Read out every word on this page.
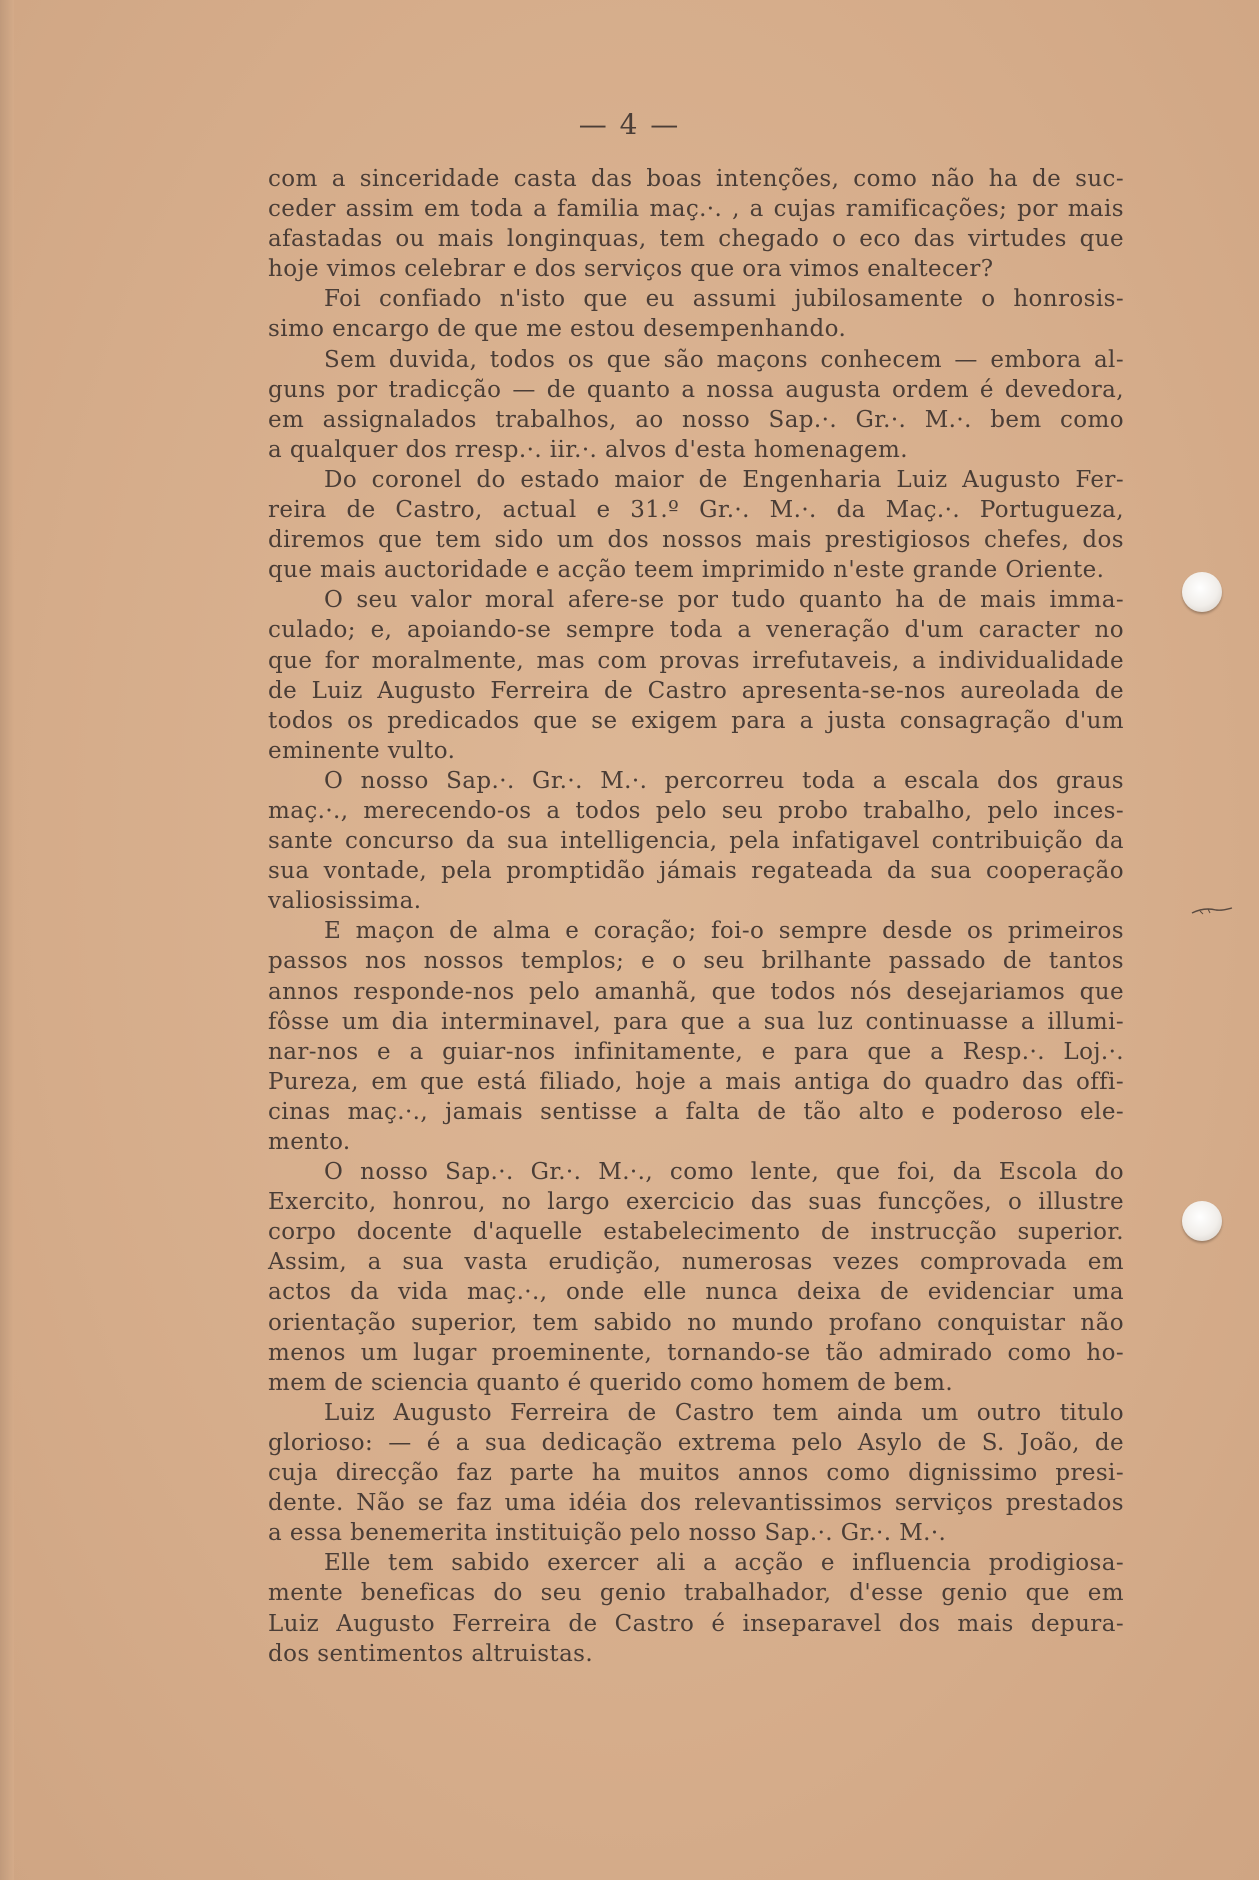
— 4 —
com a sinceridade casta das boas intenções, como não ha de suc-
ceder assim em toda a familia maç.·. , a cujas ramificações; por mais
afastadas ou mais longinquas, tem chegado o eco das virtudes que
hoje vimos celebrar e dos serviços que ora vimos enaltecer?
Foi confiado n'isto que eu assumi jubilosamente o honrosis-
simo encargo de que me estou desempenhando.
Sem duvida, todos os que são maçons conhecem — embora al-
guns por tradicção — de quanto a nossa augusta ordem é devedora,
em assignalados trabalhos, ao nosso Sap.·. Gr.·. M.·. bem como
a qualquer dos rresp.·. iir.·. alvos d'esta homenagem.
Do coronel do estado maior de Engenharia Luiz Augusto Fer-
reira de Castro, actual e 31.º Gr.·. M.·. da Maç.·. Portugueza,
diremos que tem sido um dos nossos mais prestigiosos chefes, dos
que mais auctoridade e acção teem imprimido n'este grande Oriente.
O seu valor moral afere-se por tudo quanto ha de mais imma-
culado; e, apoiando-se sempre toda a veneração d'um caracter no
que for moralmente, mas com provas irrefutaveis, a individualidade
de Luiz Augusto Ferreira de Castro apresenta-se-nos aureolada de
todos os predicados que se exigem para a justa consagração d'um
eminente vulto.
O nosso Sap.·. Gr.·. M.·. percorreu toda a escala dos graus
maç.·., merecendo-os a todos pelo seu probo trabalho, pelo inces-
sante concurso da sua intelligencia, pela infatigavel contribuição da
sua vontade, pela promptidão jámais regateada da sua cooperação
valiosissima.
E maçon de alma e coração; foi-o sempre desde os primeiros
passos nos nossos templos; e o seu brilhante passado de tantos
annos responde-nos pelo amanhã, que todos nós desejariamos que
fôsse um dia interminavel, para que a sua luz continuasse a illumi-
nar-nos e a guiar-nos infinitamente, e para que a Resp.·. Loj.·.
Pureza, em que está filiado, hoje a mais antiga do quadro das offi-
cinas maç.·., jamais sentisse a falta de tão alto e poderoso ele-
mento.
O nosso Sap.·. Gr.·. M.·., como lente, que foi, da Escola do
Exercito, honrou, no largo exercicio das suas funcções, o illustre
corpo docente d'aquelle estabelecimento de instrucção superior.
Assim, a sua vasta erudição, numerosas vezes comprovada em
actos da vida maç.·., onde elle nunca deixa de evidenciar uma
orientação superior, tem sabido no mundo profano conquistar não
menos um lugar proeminente, tornando-se tão admirado como ho-
mem de sciencia quanto é querido como homem de bem.
Luiz Augusto Ferreira de Castro tem ainda um outro titulo
glorioso: — é a sua dedicação extrema pelo Asylo de S. João, de
cuja direcção faz parte ha muitos annos como dignissimo presi-
dente. Não se faz uma idéia dos relevantissimos serviços prestados
a essa benemerita instituição pelo nosso Sap.·. Gr.·. M.·.
Elle tem sabido exercer ali a acção e influencia prodigiosa-
mente beneficas do seu genio trabalhador, d'esse genio que em
Luiz Augusto Ferreira de Castro é inseparavel dos mais depura-
dos sentimentos altruistas.
